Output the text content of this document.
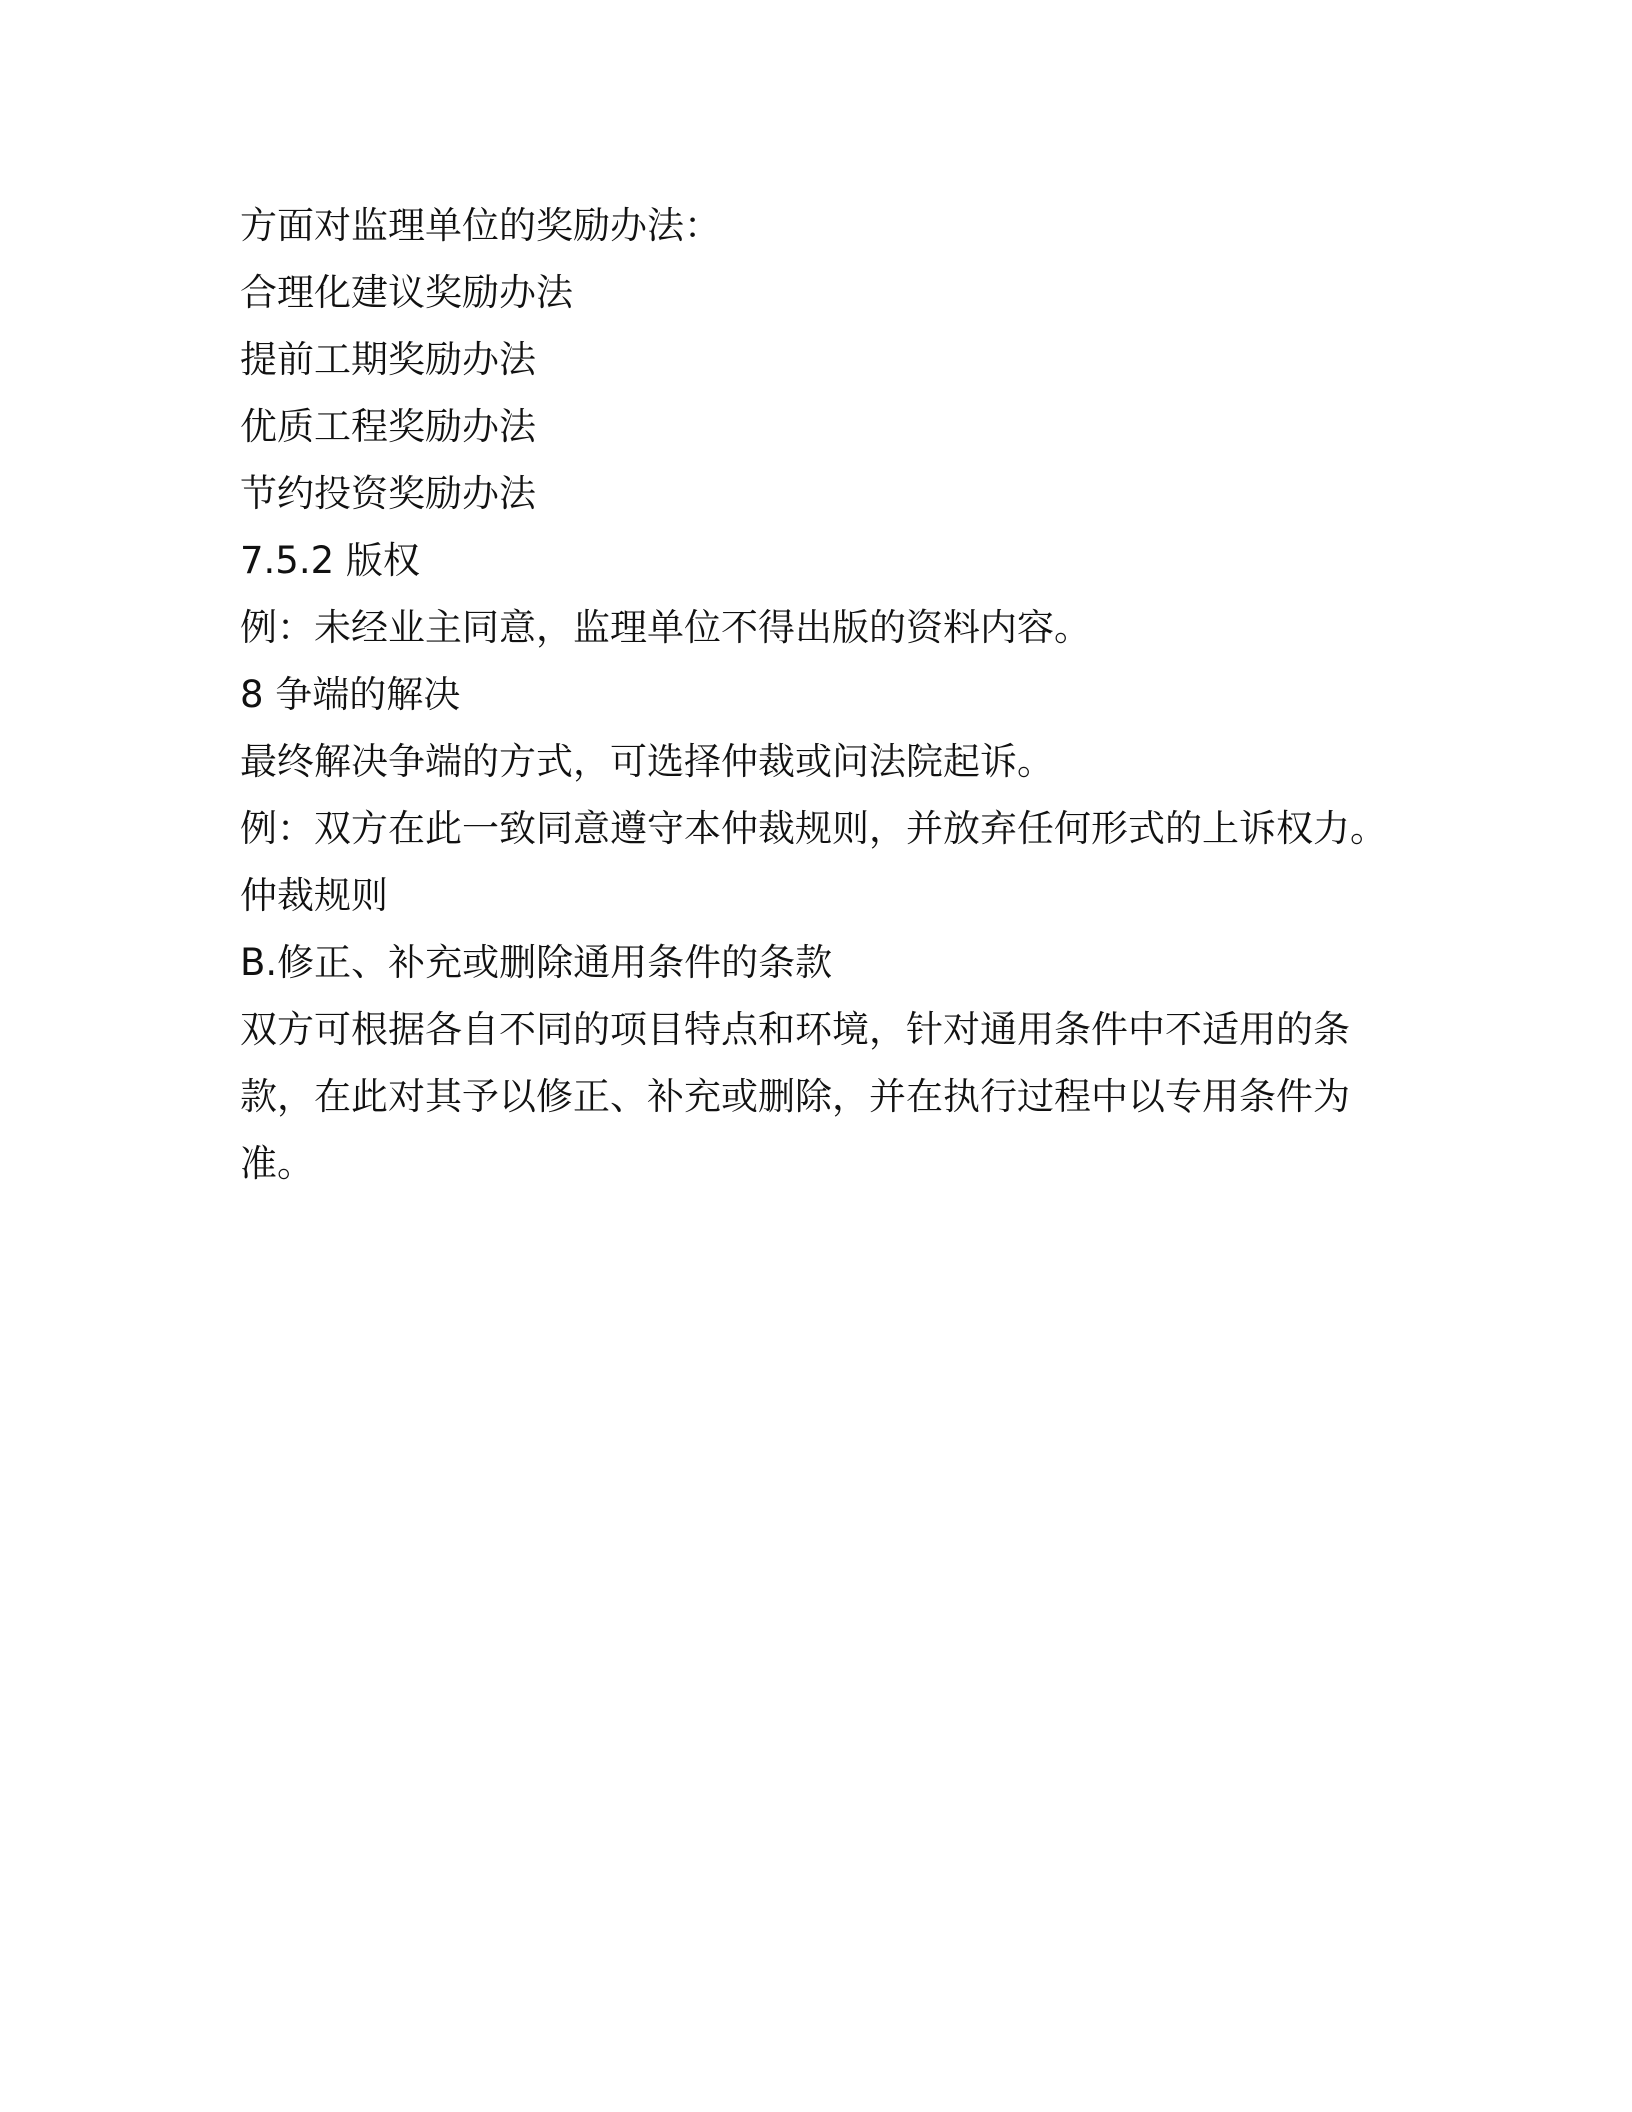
方面对监理单位的奖励办法：

合理化建议奖励办法

提前工期奖励办法

优质工程奖励办法

节约投资奖励办法

7.5.2 版权

例：未经业主同意，监理单位不得出版的资料内容。

8 争端的解决

最终解决争端的方式，可选择仲裁或问法院起诉。

例：双方在此一致同意遵守本仲裁规则，并放弃任何形式的上诉权力。

仲裁规则

B.修正、补充或删除通用条件的条款

双方可根据各自不同的项目特点和环境，针对通用条件中不适用的条款，在此对其予以修正、补充或删除，并在执行过程中以专用条件为准。
